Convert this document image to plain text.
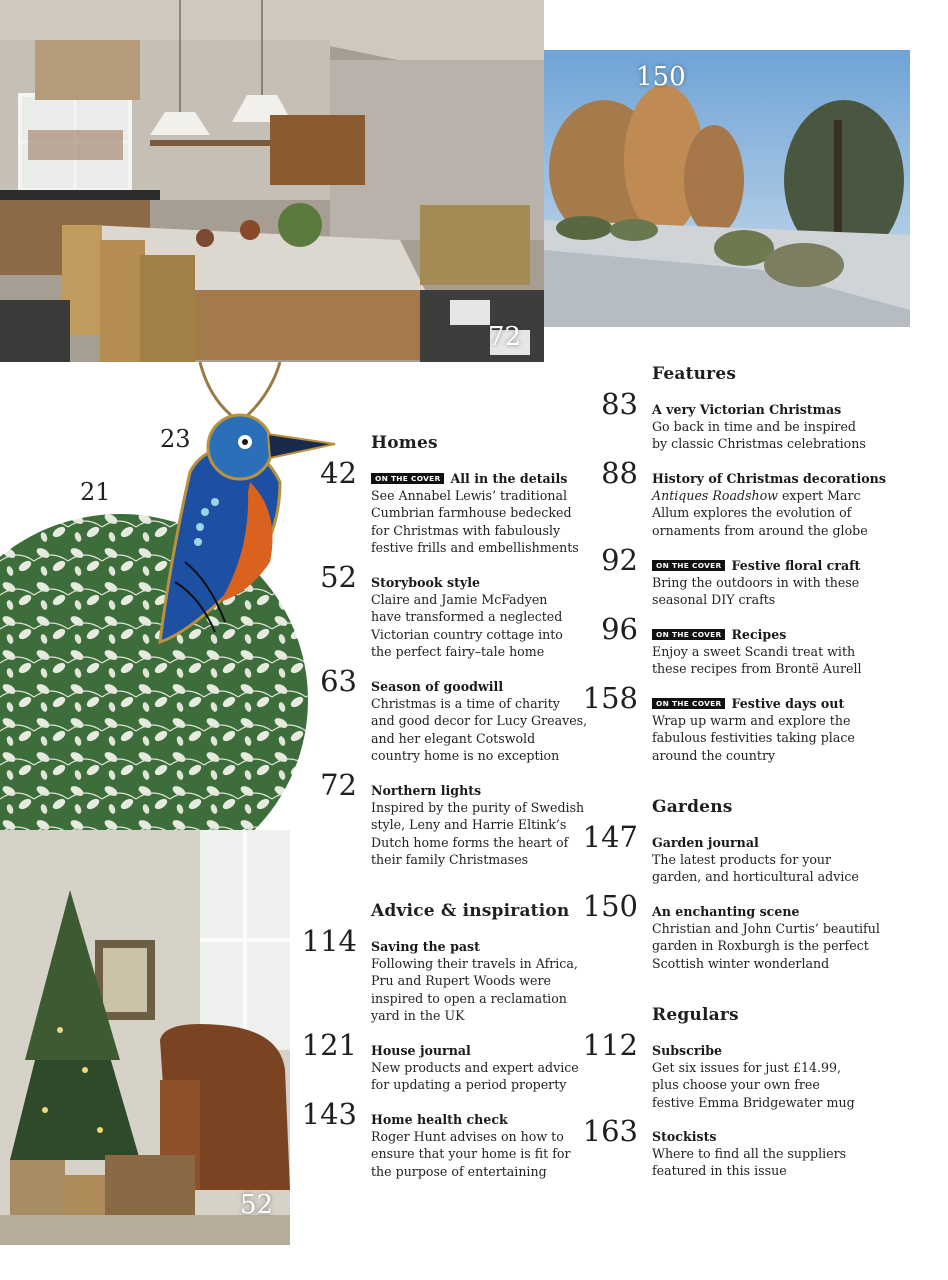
72
150
52
23
21
Homes
Advice & inspiration
Features
Gardens
Regulars
42	ON THE COVER All in the details
See Annabel Lewis’ traditional
Cumbrian farmhouse bedecked
for Christmas with fabulously
festive frills and embellishments
52 Storybook style
Claire and Jamie McFadyen
have transformed a neglected
Victorian country cottage into
the perfect fairy–tale home
63 Season of goodwill
Christmas is a time of charity
and good decor for Lucy Greaves,
and her elegant Cotswold
country home is no exception
72 Northern lights
Inspired by the purity of Swedish
style, Leny and Harrie Eltink’s
Dutch home forms the heart of
their family Christmases
114 Saving the past
Following their travels in Africa,
Pru and Rupert Woods were
inspired to open a reclamation
yard in the UK
121 House journal
New products and expert advice
for updating a period property
143 Home health check
Roger Hunt advises on how to
ensure that your home is fit for
the purpose of entertaining
83 A very Victorian Christmas
Go back in time and be inspired
by classic Christmas celebrations
88 History of Christmas decorations
Antiques Roadshow expert Marc
Allum explores the evolution of
ornaments from around the globe
92	ON THE COVER Festive floral craft
Bring the outdoors in with these
seasonal DIY crafts
96	ON THE COVER Recipes
Enjoy a sweet Scandi treat with
these recipes from Brontë Aurell
158	ON THE COVER Festive days out
Wrap up warm and explore the
fabulous festivities taking place
around the country
147 Garden journal
The latest products for your
garden, and horticultural advice
150 An enchanting scene
Christian and John Curtis’ beautiful
garden in Roxburgh is the perfect
Scottish winter wonderland
112 Subscribe
Get six issues for just £14.99,
plus choose your own free
festive Emma Bridgewater mug
163 Stockists
Where to find all the suppliers
featured in this issue
